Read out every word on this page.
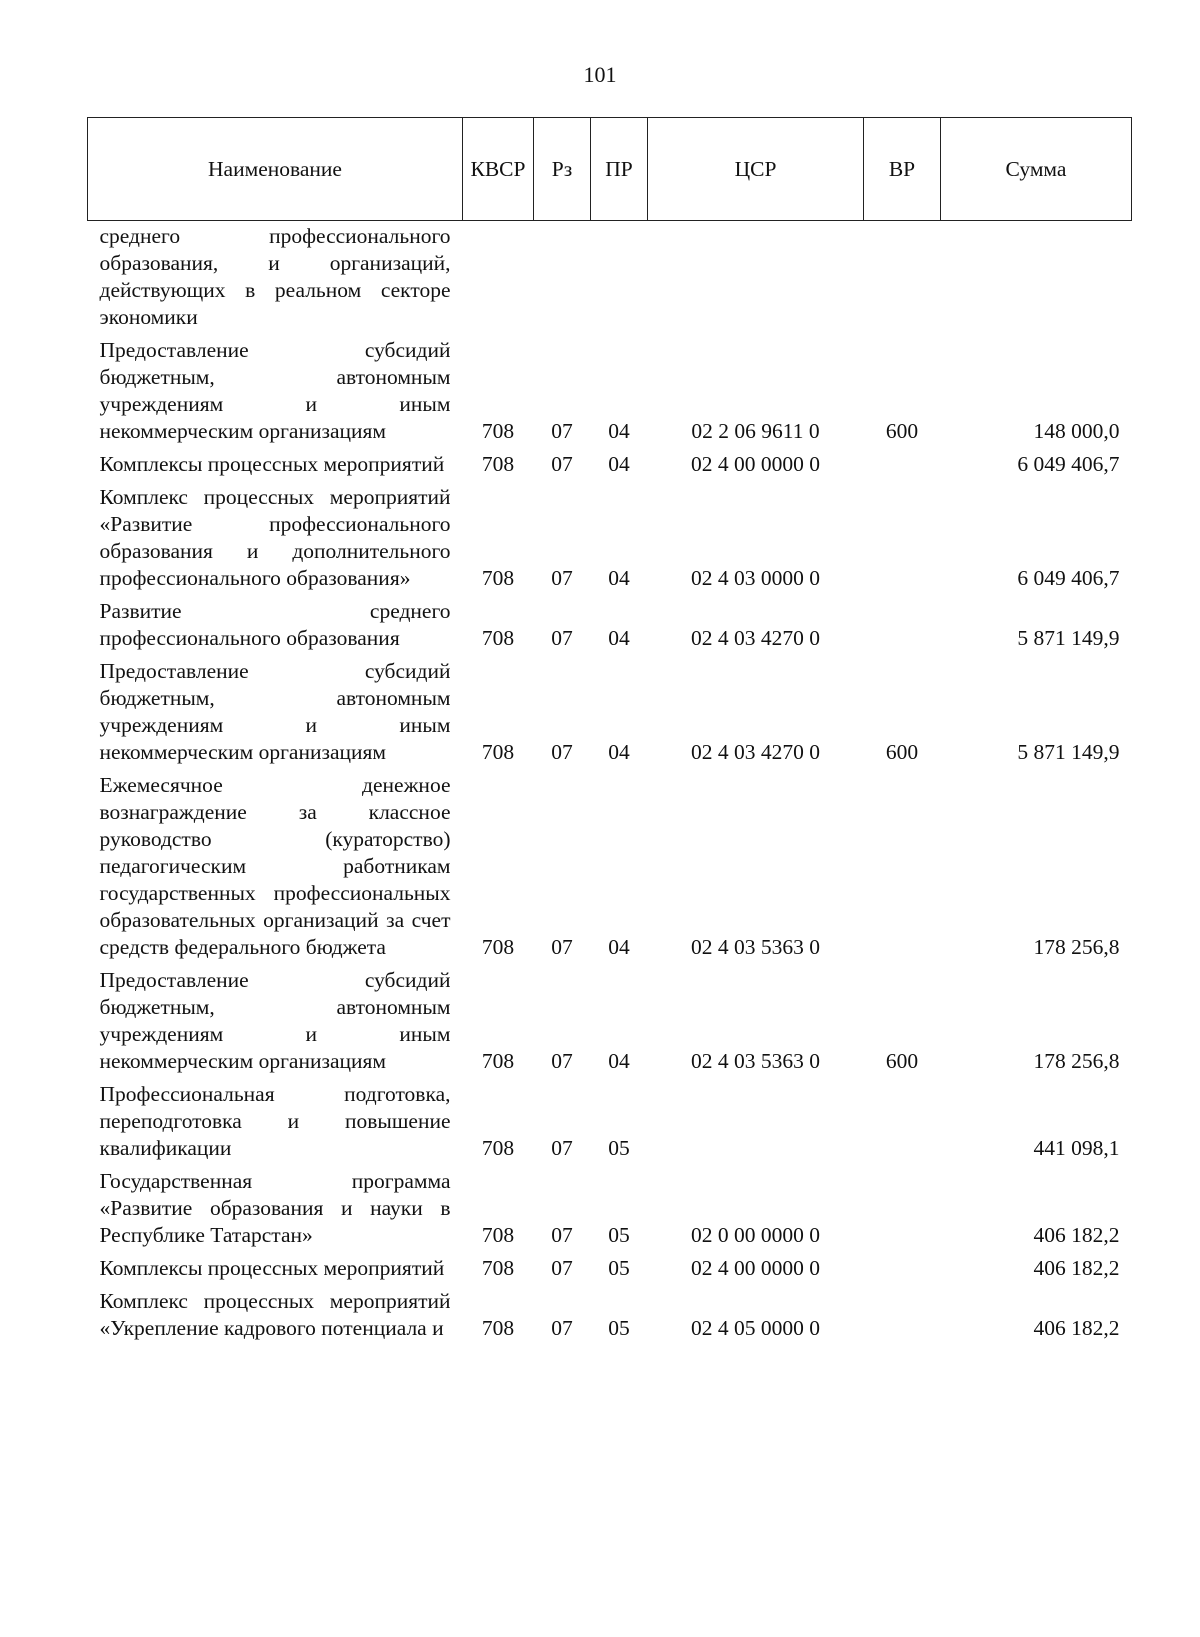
101
Наименование	КВСР	Рз	ПР	ЦСР	ВР	Сумма
среднего профессионального образования, и организаций, действующих в реальном секторе экономики						
Предоставление субсидий бюджетным, автономным учреждениям и иным некоммерческим организациям	708	07	04	02 2 06 9611 0	600	148 000,0
Комплексы процессных мероприятий	708	07	04	02 4 00 0000 0		6 049 406,7
Комплекс процессных мероприятий «Развитие профессионального образования и дополнительного профессионального образования»	708	07	04	02 4 03 0000 0		6 049 406,7
Развитие среднего профессионального образования	708	07	04	02 4 03 4270 0		5 871 149,9
Предоставление субсидий бюджетным, автономным учреждениям и иным некоммерческим организациям	708	07	04	02 4 03 4270 0	600	5 871 149,9
Ежемесячное денежное вознаграждение за классное руководство (кураторство) педагогическим работникам государственных профессиональных образовательных организаций за счет средств федерального бюджета	708	07	04	02 4 03 5363 0		178 256,8
Предоставление субсидий бюджетным, автономным учреждениям и иным некоммерческим организациям	708	07	04	02 4 03 5363 0	600	178 256,8
Профессиональная подготовка, переподготовка и повышение квалификации	708	07	05			441 098,1
Государственная программа «Развитие образования и науки в Республике Татарстан»	708	07	05	02 0 00 0000 0		406 182,2
Комплексы процессных мероприятий	708	07	05	02 4 00 0000 0		406 182,2
Комплекс процессных мероприятий «Укрепление кадрового потенциала и	708	07	05	02 4 05 0000 0		406 182,2
